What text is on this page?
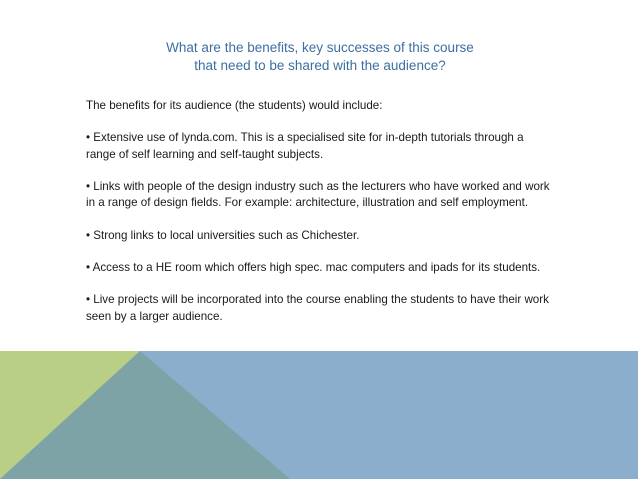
What are the benefits, key successes of this course
that need to be shared with the audience?

The benefits for its audience (the students) would include:

• Extensive use of lynda.com. This is a specialised site for in-depth tutorials through a range of self learning and self-taught subjects.

• Links with people of the design industry such as the lecturers who have worked and work in a range of design fields. For example: architecture, illustration and self employment.

• Strong links to local universities such as Chichester.

• Access to a HE room which offers high spec. mac computers and ipads for its students.

• Live projects will be incorporated into the course enabling the students to have their work seen by a larger audience.
